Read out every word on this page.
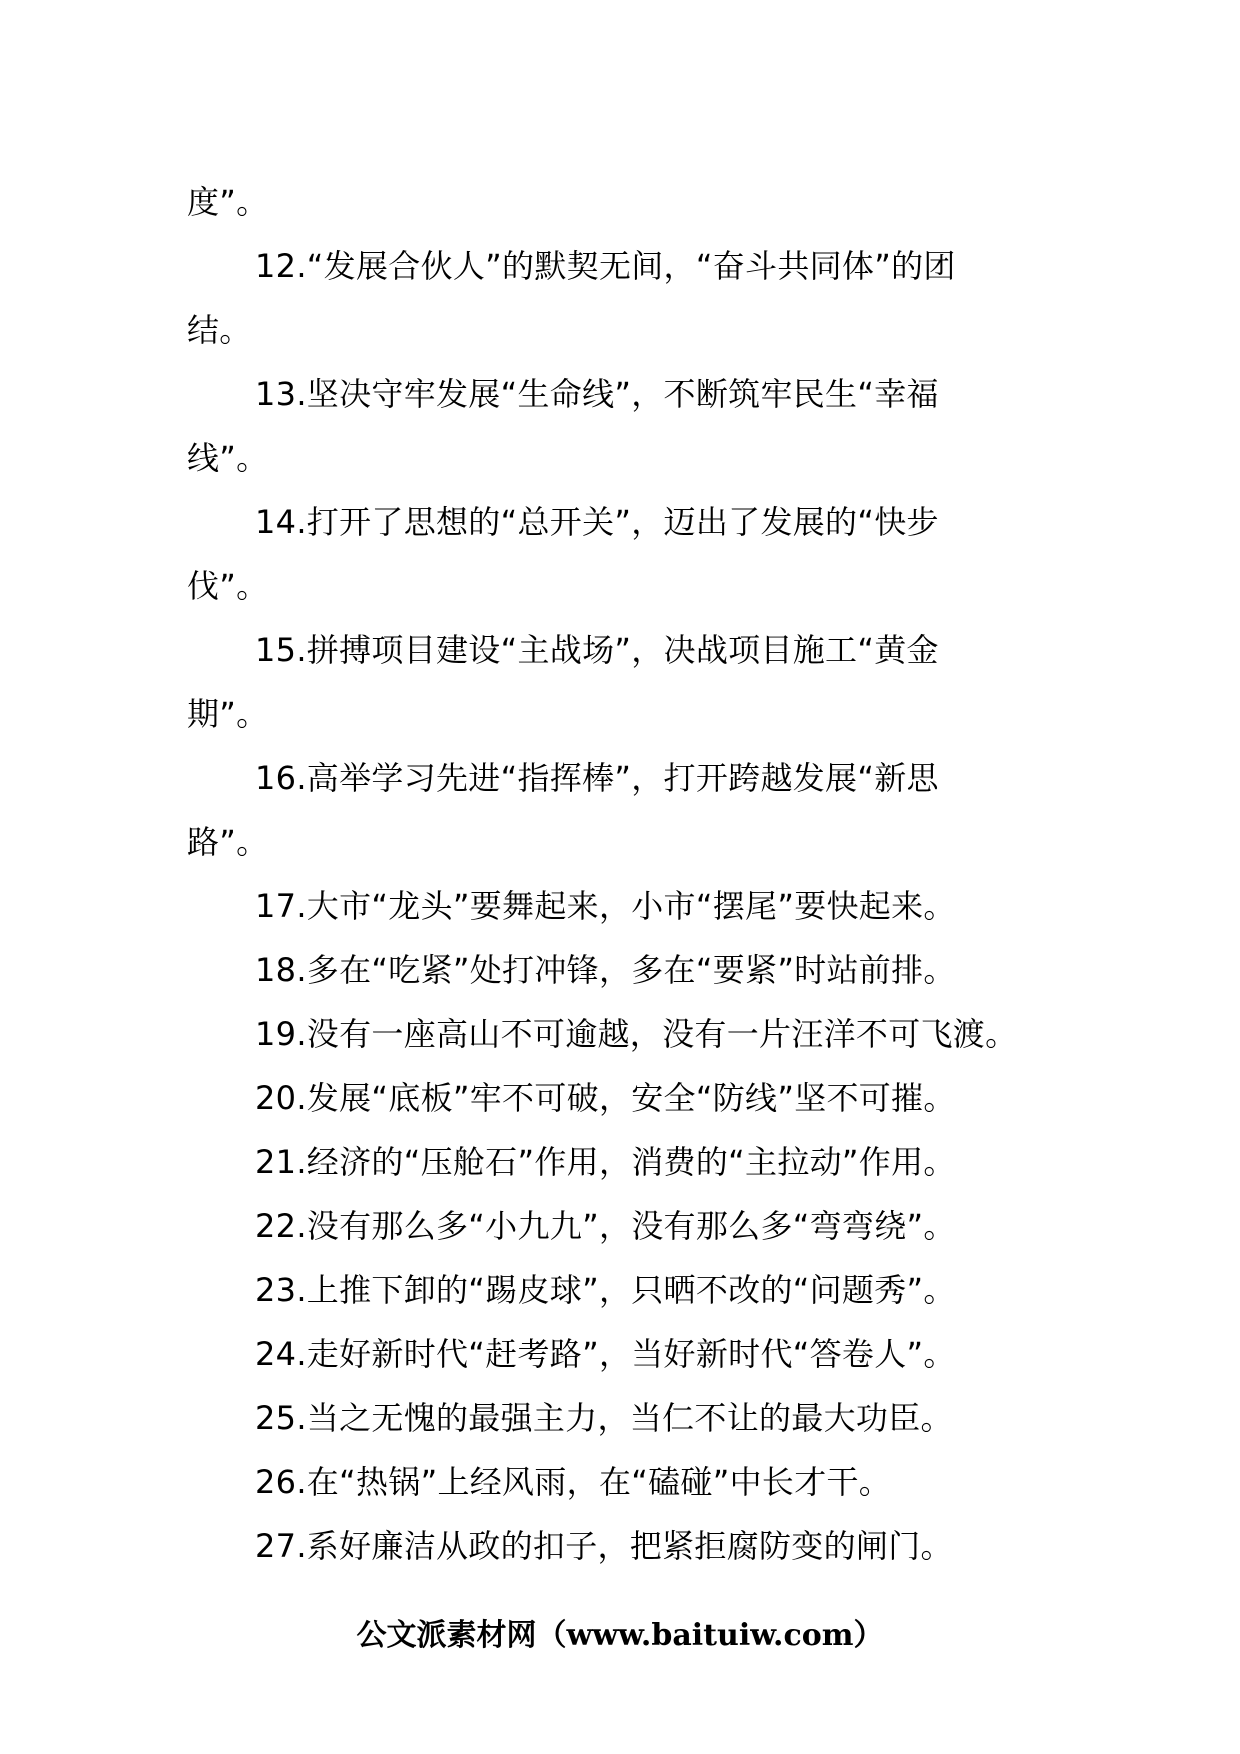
度”。
12.“发展合伙人”的默契无间，“奋斗共同体”的团
结。
13.坚决守牢发展“生命线”，不断筑牢民生“幸福
线”。
14.打开了思想的“总开关”，迈出了发展的“快步
伐”。
15.拼搏项目建设“主战场”，决战项目施工“黄金
期”。
16.高举学习先进“指挥棒”，打开跨越发展“新思
路”。
17.大市“龙头”要舞起来，小市“摆尾”要快起来。
18.多在“吃紧”处打冲锋，多在“要紧”时站前排。
19.没有一座高山不可逾越，没有一片汪洋不可飞渡。
20.发展“底板”牢不可破，安全“防线”坚不可摧。
21.经济的“压舱石”作用，消费的“主拉动”作用。
22.没有那么多“小九九”，没有那么多“弯弯绕”。
23.上推下卸的“踢皮球”，只晒不改的“问题秀”。
24.走好新时代“赶考路”，当好新时代“答卷人”。
25.当之无愧的最强主力，当仁不让的最大功臣。
26.在“热锅”上经风雨，在“磕碰”中长才干。
27.系好廉洁从政的扣子，把紧拒腐防变的闸门。
公文派素材网（www.baituiw.com）
